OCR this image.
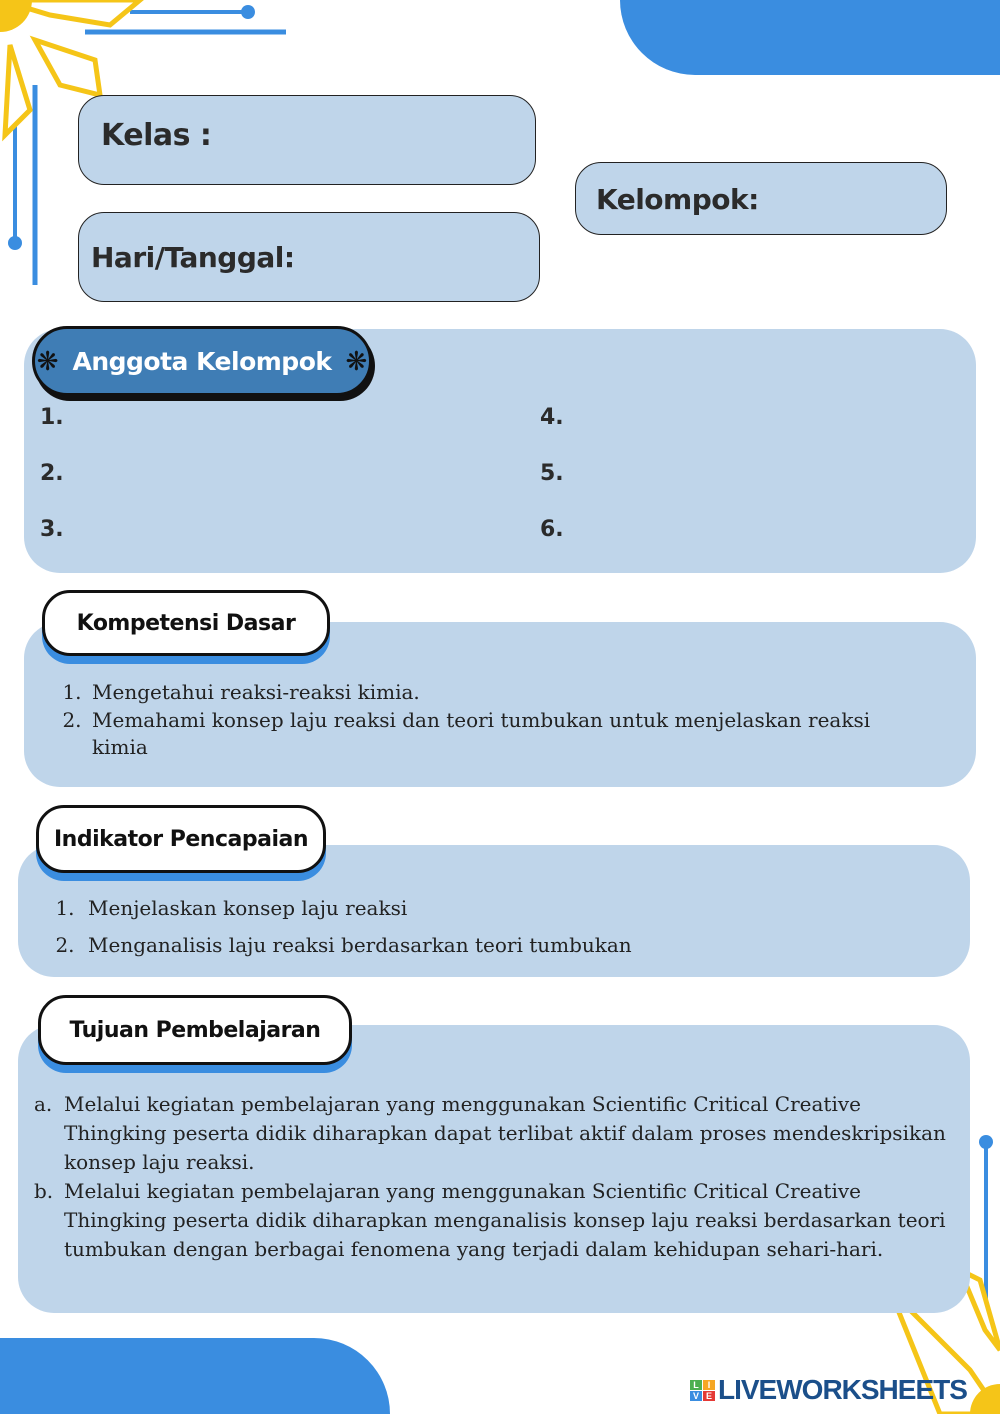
Kelas :
Kelompok:
Hari/Tanggal:
❋ Anggota Kelompok ❋
1.
2.
3.
4.
5.
6.
Kompetensi Dasar
1. Mengetahui reaksi-reaksi kimia.
2. Memahami konsep laju reaksi dan teori tumbukan untuk menjelaskan reaksi kimia
Indikator Pencapaian
1. Menjelaskan konsep laju reaksi
2. Menganalisis laju reaksi berdasarkan teori tumbukan
Tujuan Pembelajaran
a. Melalui kegiatan pembelajaran yang menggunakan Scientific Critical Creative Thingking peserta didik diharapkan dapat terlibat aktif dalam proses mendeskripsikan konsep laju reaksi.
b. Melalui kegiatan pembelajaran yang menggunakan Scientific Critical Creative Thingking peserta didik diharapkan menganalisis konsep laju reaksi berdasarkan teori tumbukan dengan berbagai fenomena yang terjadi dalam kehidupan sehari-hari.
L I
V E LIVEWORKSHEETS
